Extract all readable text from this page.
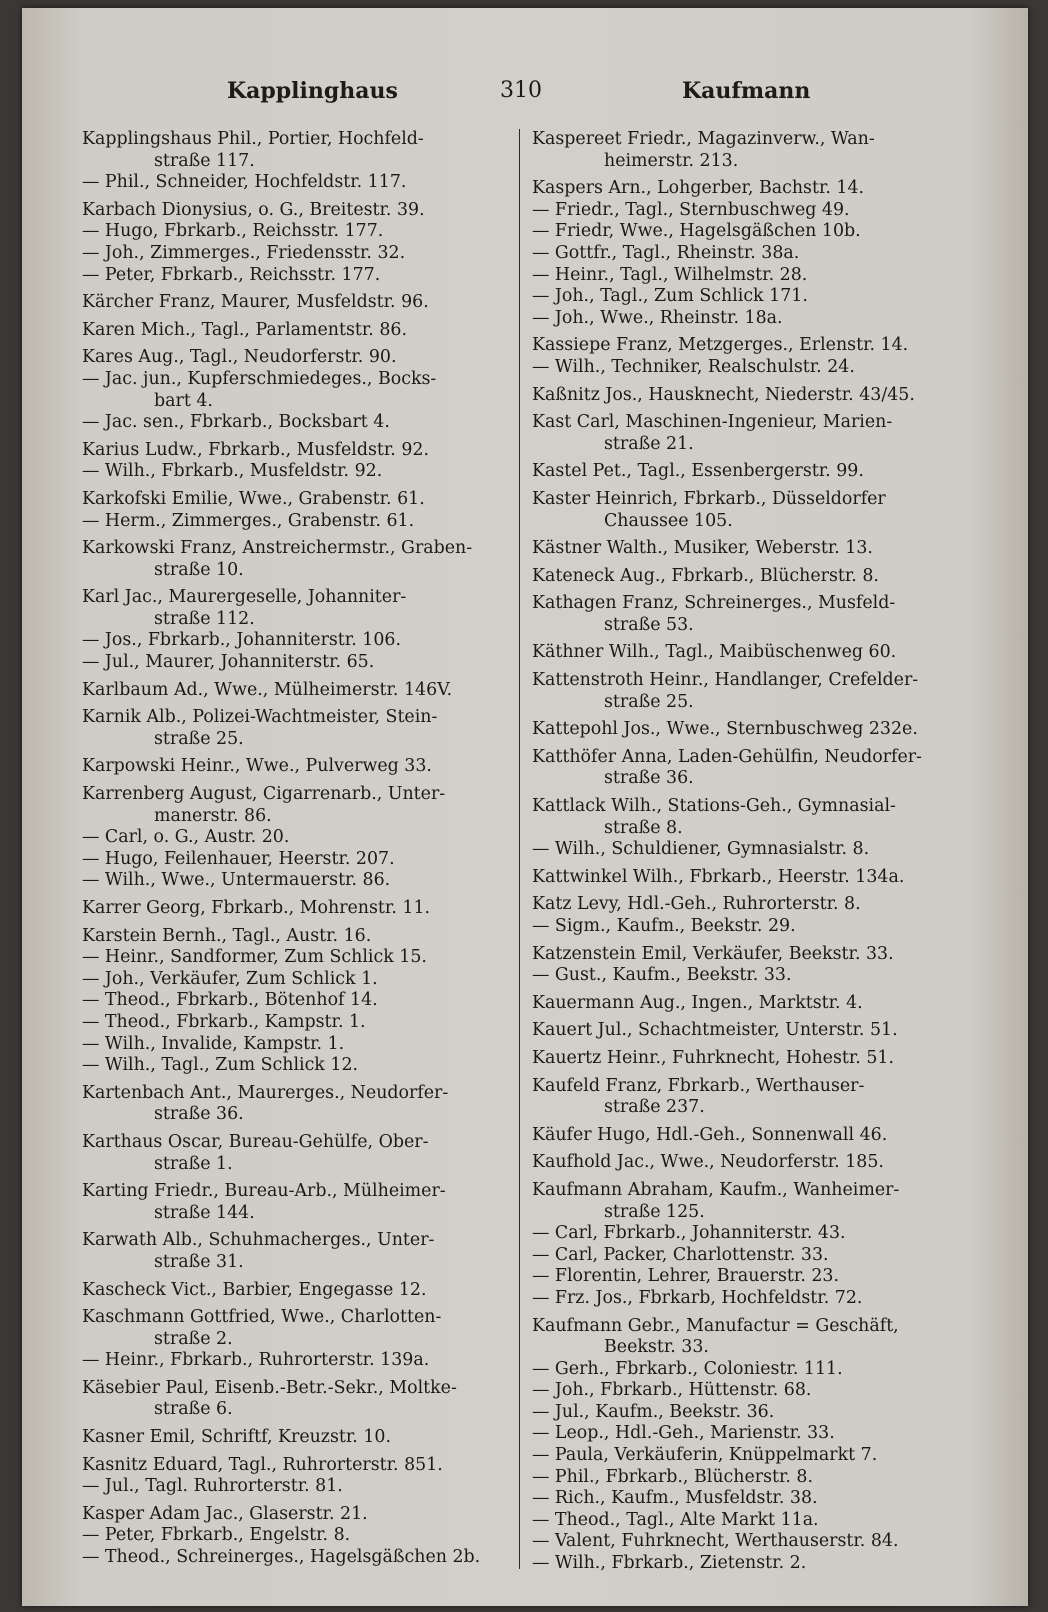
Kapplinghaus	310	Kaufmann
Kapplingshaus Phil., Portier, Hochfeld-
straße 117.
— Phil., Schneider, Hochfeldstr. 117.
Karbach Dionysius, o. G., Breitestr. 39.
— Hugo, Fbrkarb., Reichsstr. 177.
— Joh., Zimmerges., Friedensstr. 32.
— Peter, Fbrkarb., Reichsstr. 177.
Kärcher Franz, Maurer, Musfeldstr. 96.
Karen Mich., Tagl., Parlamentstr. 86.
Kares Aug., Tagl., Neudorferstr. 90.
— Jac. jun., Kupferschmiedeges., Bocks-
bart 4.
— Jac. sen., Fbrkarb., Bocksbart 4.
Karius Ludw., Fbrkarb., Musfeldstr. 92.
— Wilh., Fbrkarb., Musfeldstr. 92.
Karkofski Emilie, Wwe., Grabenstr. 61.
— Herm., Zimmerges., Grabenstr. 61.
Karkowski Franz, Anstreichermstr., Graben-
straße 10.
Karl Jac., Maurergeselle, Johanniter-
straße 112.
— Jos., Fbrkarb., Johanniterstr. 106.
— Jul., Maurer, Johanniterstr. 65.
Karlbaum Ad., Wwe., Mülheimerstr. 146V.
Karnik Alb., Polizei-Wachtmeister, Stein-
straße 25.
Karpowski Heinr., Wwe., Pulverweg 33.
Karrenberg August, Cigarrenarb., Unter-
manerstr. 86.
— Carl, o. G., Austr. 20.
— Hugo, Feilenhauer, Heerstr. 207.
— Wilh., Wwe., Untermauerstr. 86.
Karrer Georg, Fbrkarb., Mohrenstr. 11.
Karstein Bernh., Tagl., Austr. 16.
— Heinr., Sandformer, Zum Schlick 15.
— Joh., Verkäufer, Zum Schlick 1.
— Theod., Fbrkarb., Bötenhof 14.
— Theod., Fbrkarb., Kampstr. 1.
— Wilh., Invalide, Kampstr. 1.
— Wilh., Tagl., Zum Schlick 12.
Kartenbach Ant., Maurerges., Neudorfer-
straße 36.
Karthaus Oscar, Bureau-Gehülfe, Ober-
straße 1.
Karting Friedr., Bureau-Arb., Mülheimer-
straße 144.
Karwath Alb., Schuhmacherges., Unter-
straße 31.
Kascheck Vict., Barbier, Engegasse 12.
Kaschmann Gottfried, Wwe., Charlotten-
straße 2.
— Heinr., Fbrkarb., Ruhrorterstr. 139a.
Käsebier Paul, Eisenb.-Betr.-Sekr., Moltke-
straße 6.
Kasner Emil, Schriftf, Kreuzstr. 10.
Kasnitz Eduard, Tagl., Ruhrorterstr. 851.
— Jul., Tagl. Ruhrorterstr. 81.
Kasper Adam Jac., Glaserstr. 21.
— Peter, Fbrkarb., Engelstr. 8.
— Theod., Schreinerges., Hagelsgäßchen 2b.
Kaspereet Friedr., Magazinverw., Wan-
heimerstr. 213.
Kaspers Arn., Lohgerber, Bachstr. 14.
— Friedr., Tagl., Sternbuschweg 49.
— Friedr, Wwe., Hagelsgäßchen 10b.
— Gottfr., Tagl., Rheinstr. 38a.
— Heinr., Tagl., Wilhelmstr. 28.
— Joh., Tagl., Zum Schlick 171.
— Joh., Wwe., Rheinstr. 18a.
Kassiepe Franz, Metzgerges., Erlenstr. 14.
— Wilh., Techniker, Realschulstr. 24.
Kaßnitz Jos., Hausknecht, Niederstr. 43/45.
Kast Carl, Maschinen-Ingenieur, Marien-
straße 21.
Kastel Pet., Tagl., Essenbergerstr. 99.
Kaster Heinrich, Fbrkarb., Düsseldorfer
Chaussee 105.
Kästner Walth., Musiker, Weberstr. 13.
Kateneck Aug., Fbrkarb., Blücherstr. 8.
Kathagen Franz, Schreinerges., Musfeld-
straße 53.
Käthner Wilh., Tagl., Maibüschenweg 60.
Kattenstroth Heinr., Handlanger, Crefelder-
straße 25.
Kattepohl Jos., Wwe., Sternbuschweg 232e.
Katthöfer Anna, Laden-Gehülfin, Neudorfer-
straße 36.
Kattlack Wilh., Stations-Geh., Gymnasial-
straße 8.
— Wilh., Schuldiener, Gymnasialstr. 8.
Kattwinkel Wilh., Fbrkarb., Heerstr. 134a.
Katz Levy, Hdl.-Geh., Ruhrorterstr. 8.
— Sigm., Kaufm., Beekstr. 29.
Katzenstein Emil, Verkäufer, Beekstr. 33.
— Gust., Kaufm., Beekstr. 33.
Kauermann Aug., Ingen., Marktstr. 4.
Kauert Jul., Schachtmeister, Unterstr. 51.
Kauertz Heinr., Fuhrknecht, Hohestr. 51.
Kaufeld Franz, Fbrkarb., Werthauser-
straße 237.
Käufer Hugo, Hdl.-Geh., Sonnenwall 46.
Kaufhold Jac., Wwe., Neudorferstr. 185.
Kaufmann Abraham, Kaufm., Wanheimer-
straße 125.
— Carl, Fbrkarb., Johanniterstr. 43.
— Carl, Packer, Charlottenstr. 33.
— Florentin, Lehrer, Brauerstr. 23.
— Frz. Jos., Fbrkarb, Hochfeldstr. 72.
Kaufmann Gebr., Manufactur = Geschäft,
Beekstr. 33.
— Gerh., Fbrkarb., Coloniestr. 111.
— Joh., Fbrkarb., Hüttenstr. 68.
— Jul., Kaufm., Beekstr. 36.
— Leop., Hdl.-Geh., Marienstr. 33.
— Paula, Verkäuferin, Knüppelmarkt 7.
— Phil., Fbrkarb., Blücherstr. 8.
— Rich., Kaufm., Musfeldstr. 38.
— Theod., Tagl., Alte Markt 11a.
— Valent, Fuhrknecht, Werthauserstr. 84.
— Wilh., Fbrkarb., Zietenstr. 2.
